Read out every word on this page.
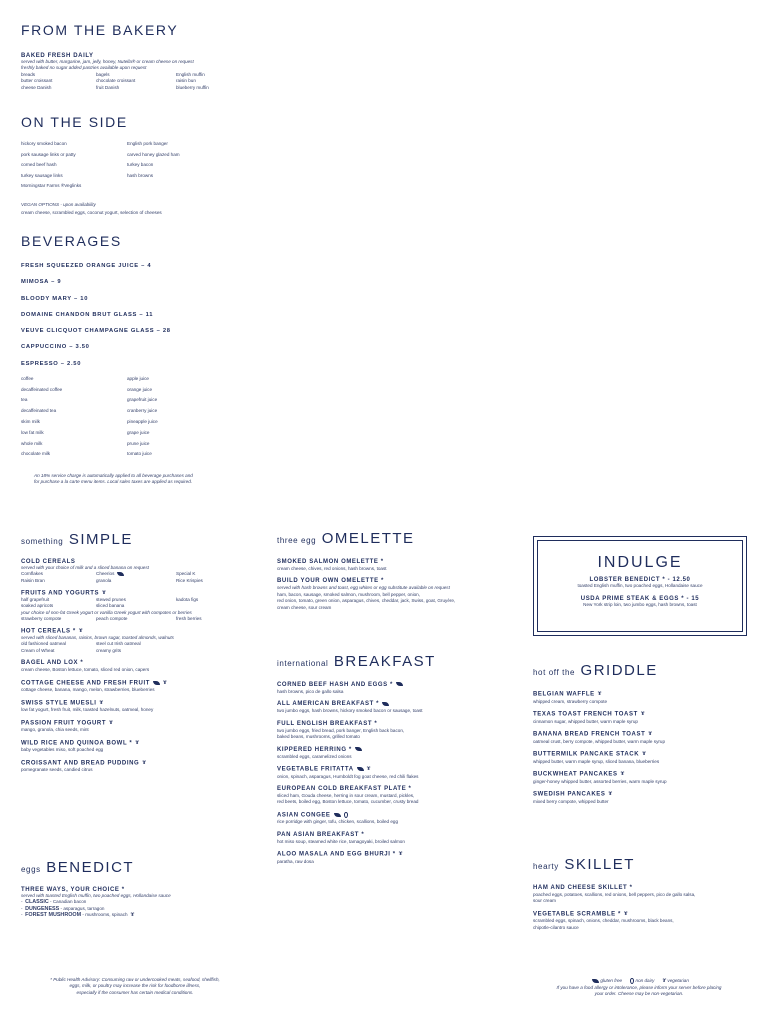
FROM THE BAKERY
BAKED FRESH DAILY
served with butter, margarine, jam, jelly, honey, Nutella® or cream cheese on request
freshly baked no sugar added pastries available upon request
breads	bagels	English muffin
butter croissant	chocolate croissant	raisin bun
cheese Danish	fruit Danish	blueberry muffin
ON THE SIDE
hickory smoked bacon	English pork banger
pork sausage links or patty	carved honey glazed ham
corned beef hash	turkey bacon
turkey sausage links	hash browns
Morningstar Farms ®Veglinks
VEGAN OPTIONS - upon availability
cream cheese, scrambled eggs, coconut yogurt, selection of cheeses
BEVERAGES
FRESH SQUEEZED ORANGE JUICE – 4
MIMOSA – 9
BLOODY MARY – 10
DOMAINE CHANDON BRUT GLASS – 11
VEUVE CLICQUOT CHAMPAGNE GLASS – 28
CAPPUCCINO – 3.50
ESPRESSO – 2.50
coffee	apple juice
decaffeinated coffee	orange juice
tea	grapefruit juice
decaffeinated tea	cranberry juice
skim milk	pineapple juice
low fat milk	grape juice
whole milk	prune juice
chocolate milk	tomato juice
An 18% service charge is automatically applied to all beverage purchases and
for purchase a la carte menu items. Local sales taxes are applied as required.
something SIMPLE
COLD CEREALS
served with your choice of milk and a sliced banana on request
Cornflakes	Cheerios	Special K
Raisin Bran	granola	Rice Krispies
FRUITS AND YOGURTS ɤ
half grapefruit	stewed prunes	kadota figs
soaked apricots	sliced banana
your choice of non-fat Greek yogurt or vanilla Greek yogurt with compotes or berries
strawberry compote	peach compote	fresh berries
HOT CEREALS * ɤ
served with sliced bananas, raisins, brown sugar, toasted almonds, walnuts
old fashioned oatmeal	steel cut Irish oatmeal
Cream of Wheat	creamy grits
BAGEL AND LOX *
cream cheese, Boston lettuce, tomato, sliced red onion, capers
COTTAGE CHEESE AND FRESH FRUIT ɤ
cottage cheese, banana, mango, melon, strawberries, blueberries
SWISS STYLE MUESLI ɤ
low fat yogurt, fresh fruit, milk, toasted hazelnuts, oatmeal, honey
PASSION FRUIT YOGURT ɤ
mango, granola, chia seeds, mint
WILD RICE AND QUINOA BOWL * ɤ
baby vegetables miso, soft poached egg
CROISSANT AND BREAD PUDDING ɤ
pomegranate seeds, candied citrus
eggs BENEDICT
THREE WAYS, YOUR CHOICE *
served with toasted English muffin, two poached eggs, Hollandaise sauce
-  CLASSIC - Canadian bacon
-  DUNGENESS - asparagus, tarragon
-  FOREST MUSHROOM - mushrooms, spinach ɤ
three egg OMELETTE
SMOKED SALMON OMELETTE *
cream cheese, chives, red onions, hash browns, toast
BUILD YOUR OWN OMELETTE *
served with hash browns and toast, egg whites or egg substitute available on request
ham, bacon, sausage, smoked salmon, mushroom, bell pepper, onion,
red onion, tomato, green onion, asparagus, chives, cheddar, jack, Swiss, goat, Gruyère,
cream cheese, sour cream
international BREAKFAST
CORNED BEEF HASH AND EGGS *
hash browns, pico de gallo salsa
ALL AMERICAN BREAKFAST *
two jumbo eggs, hash browns, hickory smoked bacon or sausage, toast
FULL ENGLISH BREAKFAST *
two jumbo eggs, fried bread, pork banger, English back bacon,
baked beans, mushrooms, grilled tomato
KIPPERED HERRING *
scrambled eggs, caramelized onions
VEGETABLE FRITATTA ɤ
onion, spinach, asparagus, Humboldt fog goat cheese, red chili flakes
EUROPEAN COLD BREAKFAST PLATE *
sliced ham, Gouda cheese, herring in sour cream, mustard, pickles,
red beets, boiled egg, Boston lettuce, tomato, cucumber, crusty bread
ASIAN CONGEE
rice porridge with ginger, tofu, chicken, scallions, boiled egg
PAN ASIAN BREAKFAST *
hot miso soup, steamed white rice, tamagoyaki, broiled salmon
ALOO MASALA AND EGG BHURJI * ɤ
paratha, raw dosa
INDULGE
LOBSTER BENEDICT * - 12.50
toasted English muffin, two poached eggs, Hollandaise sauce
USDA PRIME STEAK & EGGS * - 15
New York strip loin, two jumbo eggs, hash browns, toast
hot off the GRIDDLE
BELGIAN WAFFLE ɤ
whipped cream, strawberry compote
TEXAS TOAST FRENCH TOAST ɤ
cinnamon sugar, whipped butter, warm maple syrup
BANANA BREAD FRENCH TOAST ɤ
oatmeal crust, berry compote, whipped butter, warm maple syrup
BUTTERMILK PANCAKE STACK ɤ
whipped butter, warm maple syrup, sliced banana, blueberries
BUCKWHEAT PANCAKES ɤ
ginger-honey whipped butter, assorted berries, warm maple syrup
SWEDISH PANCAKES ɤ
mixed berry compote, whipped butter
hearty SKILLET
HAM AND CHEESE SKILLET *
poached eggs, potatoes, scallions, red onions, bell peppers, pico de gallo salsa,
sour cream
VEGETABLE SCRAMBLE * ɤ
scrambled eggs, spinach, onions, cheddar, mushrooms, black beans,
chipotle-cilantro sauce
* Public Health Advisory: Consuming raw or undercooked meats, seafood, shellfish,
eggs, milk, or poultry may increase the risk for foodborne illness,
especially if the consumer has certain medical conditions.
gluten free	non dairy ɤ vegetarian
If you have a food allergy or intolerance, please inform your server before placing
your order. Cheese may be non-vegetarian.
